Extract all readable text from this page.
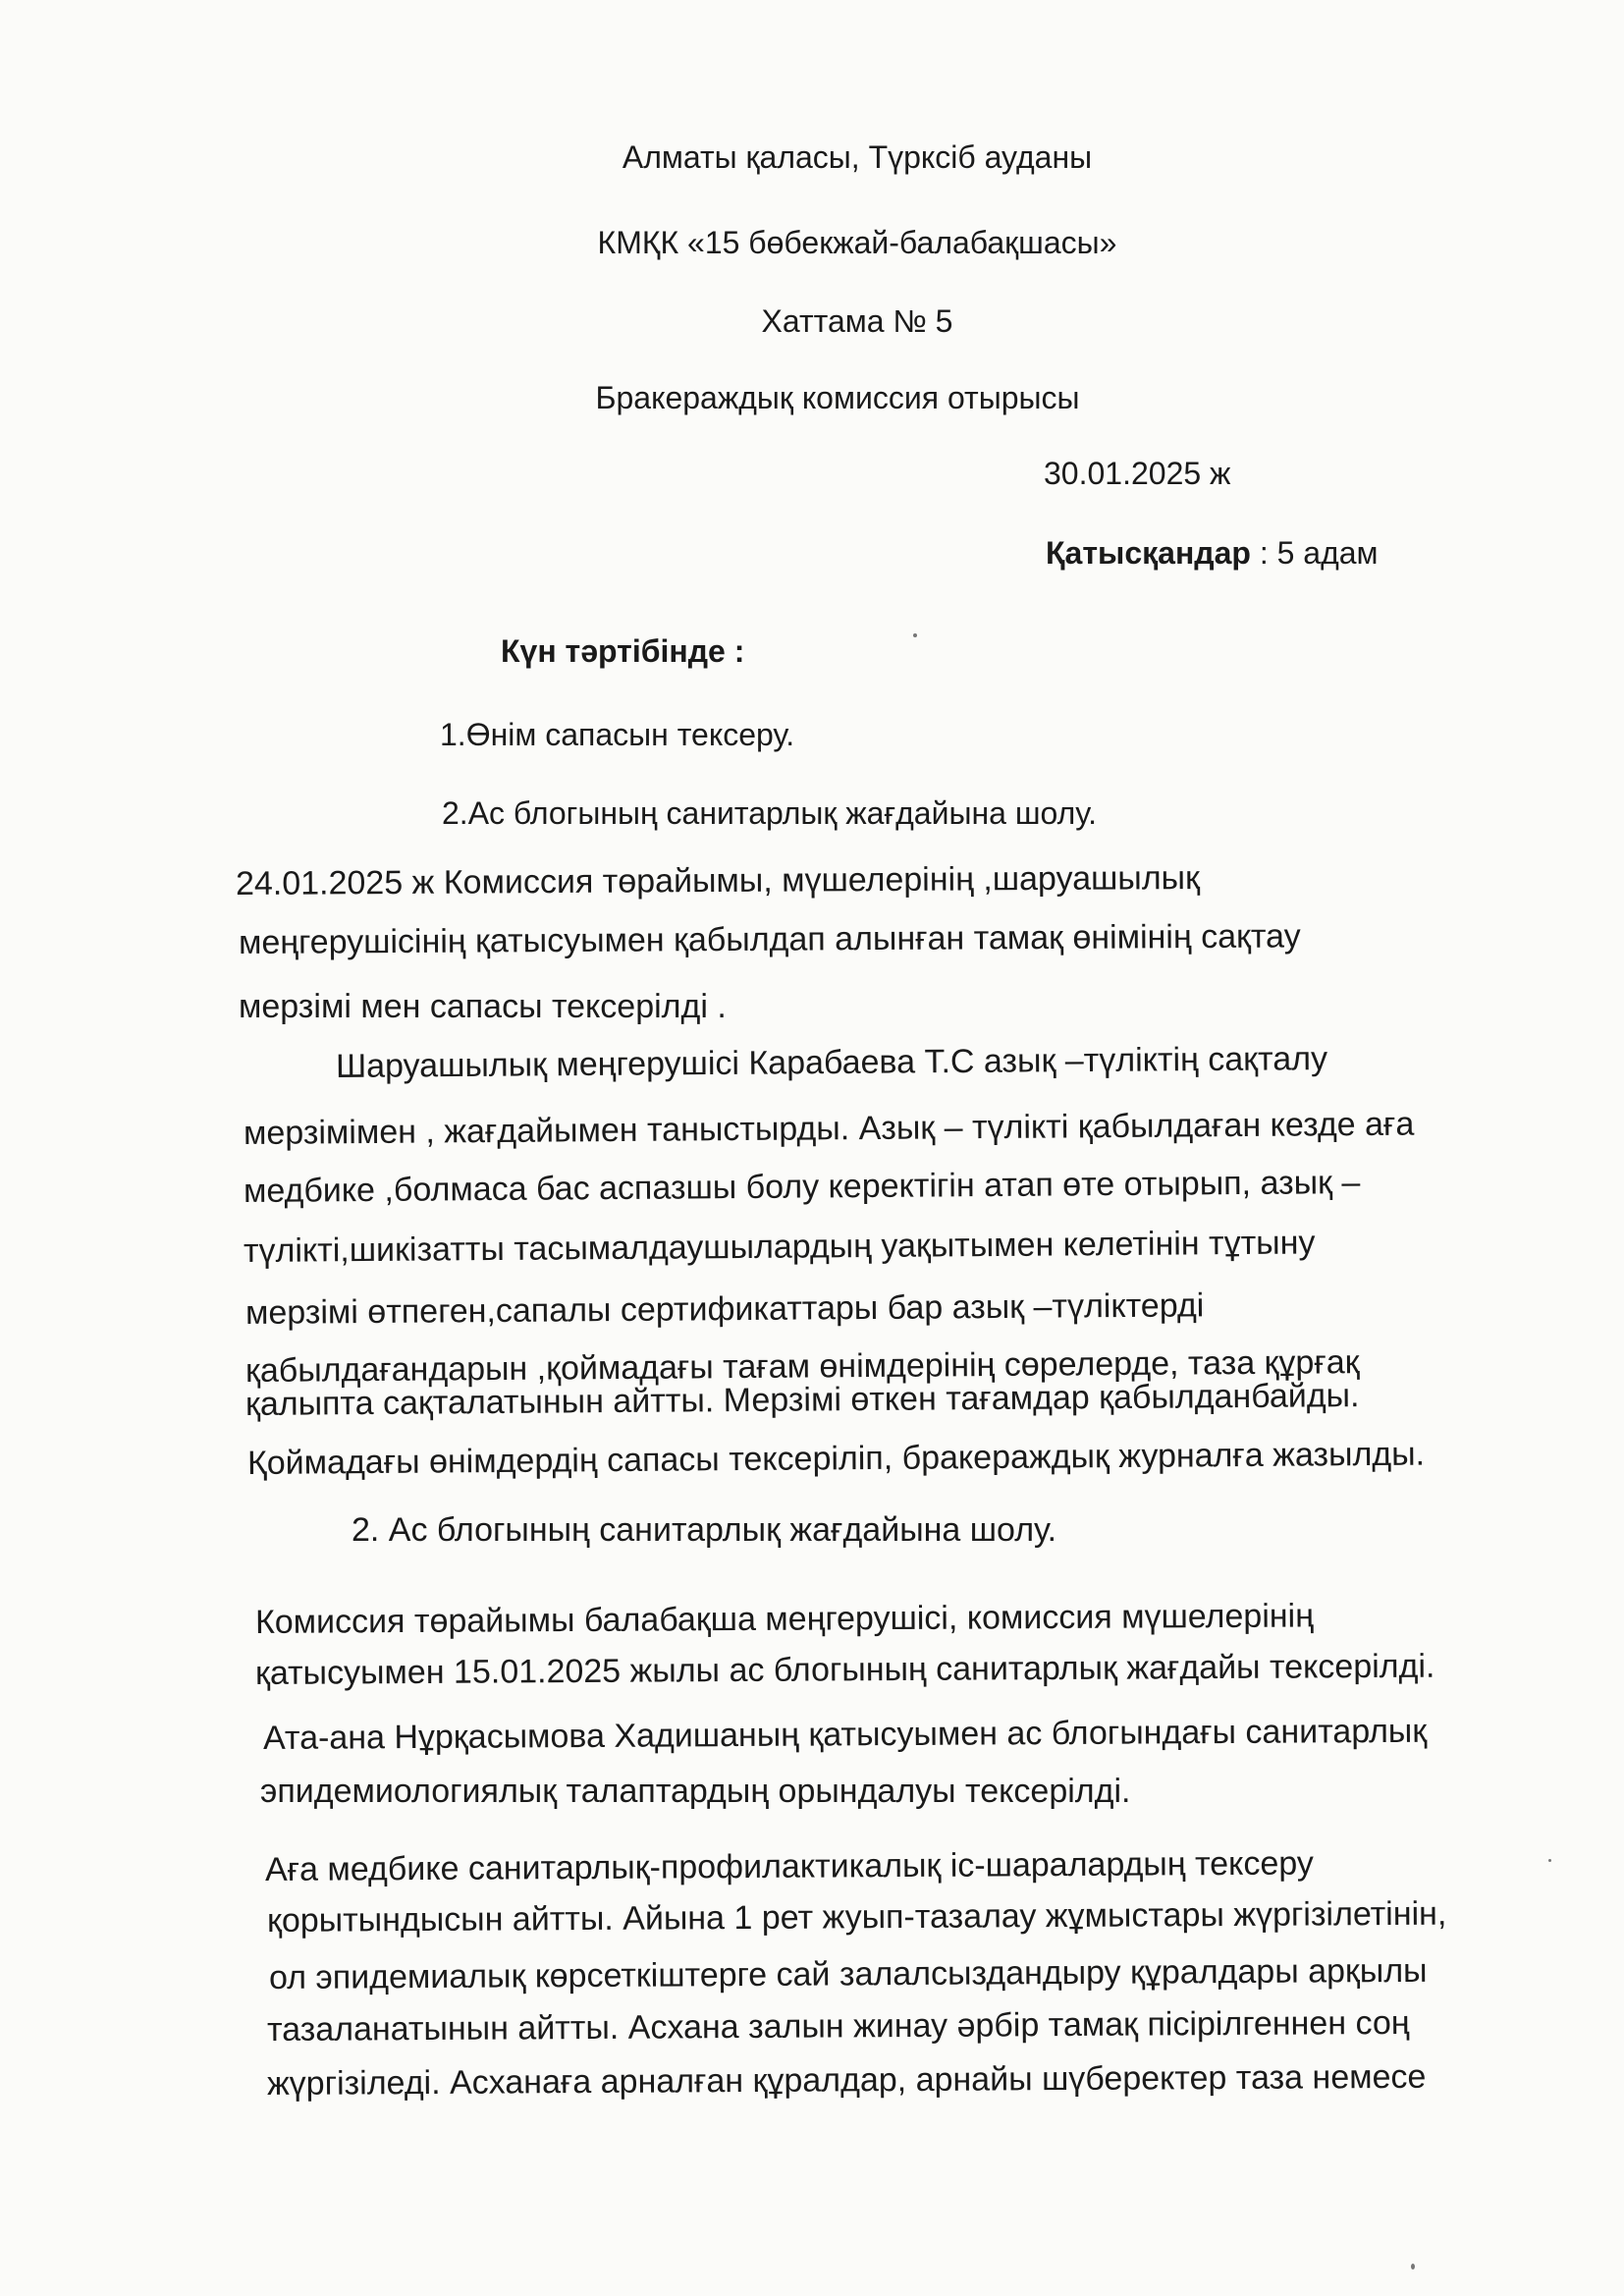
Алматы қаласы, Түрксіб ауданы
КМҚК «15 бөбекжай-балабақшасы»
Хаттама № 5
Бракераждық комиссия отырысы
30.01.2025 ж
Қатысқандар : 5 адам
Күн тәртібінде :
1.Өнім сапасын тексеру.
2.Ас блогының санитарлық жағдайына шолу.
24.01.2025 ж Комиссия төрайымы, мүшелерінің ,шаруашылық
меңгерушісінің қатысуымен қабылдап алынған тамақ өнімінің сақтау
мерзімі мен сапасы тексерілді .
Шаруашылық меңгерушісі Карабаева Т.С азық –түліктің сақталу
мерзімімен , жағдайымен таныстырды. Азық – түлікті қабылдаған кезде аға
медбике ,болмаса бас аспазшы болу керектігін атап өте отырып, азық –
түлікті,шикізатты тасымалдаушылардың уақытымен келетінін тұтыну
мерзімі өтпеген,сапалы сертификаттары бар азық –түліктерді
қабылдағандарын ,қоймадағы тағам өнімдерінің сөрелерде, таза құрғақ
қалыпта сақталатынын айтты. Мерзімі өткен тағамдар қабылданбайды.
Қоймадағы өнімдердің сапасы тексеріліп, бракераждық журналға жазылды.
2. Ас блогының санитарлық жағдайына шолу.
Комиссия төрайымы балабақша меңгерушісі, комиссия мүшелерінің
қатысуымен 15.01.2025 жылы ас блогының санитарлық жағдайы тексерілді.
Ата-ана Нұрқасымова Хадишаның қатысуымен ас блогындағы санитарлық
эпидемиологиялық талаптардың орындалуы тексерілді.
Аға медбике санитарлық-профилактикалық іс-шаралардың тексеру
қорытындысын айтты. Айына 1 рет жуып-тазалау жұмыстары жүргізілетінін,
ол эпидемиалық көрсеткіштерге сай залалсыздандыру құралдары арқылы
тазаланатынын айтты. Асхана залын жинау әрбір тамақ пісірілгеннен соң
жүргізіледі. Асханаға арналған құралдар, арнайы шүберектер таза немесе
